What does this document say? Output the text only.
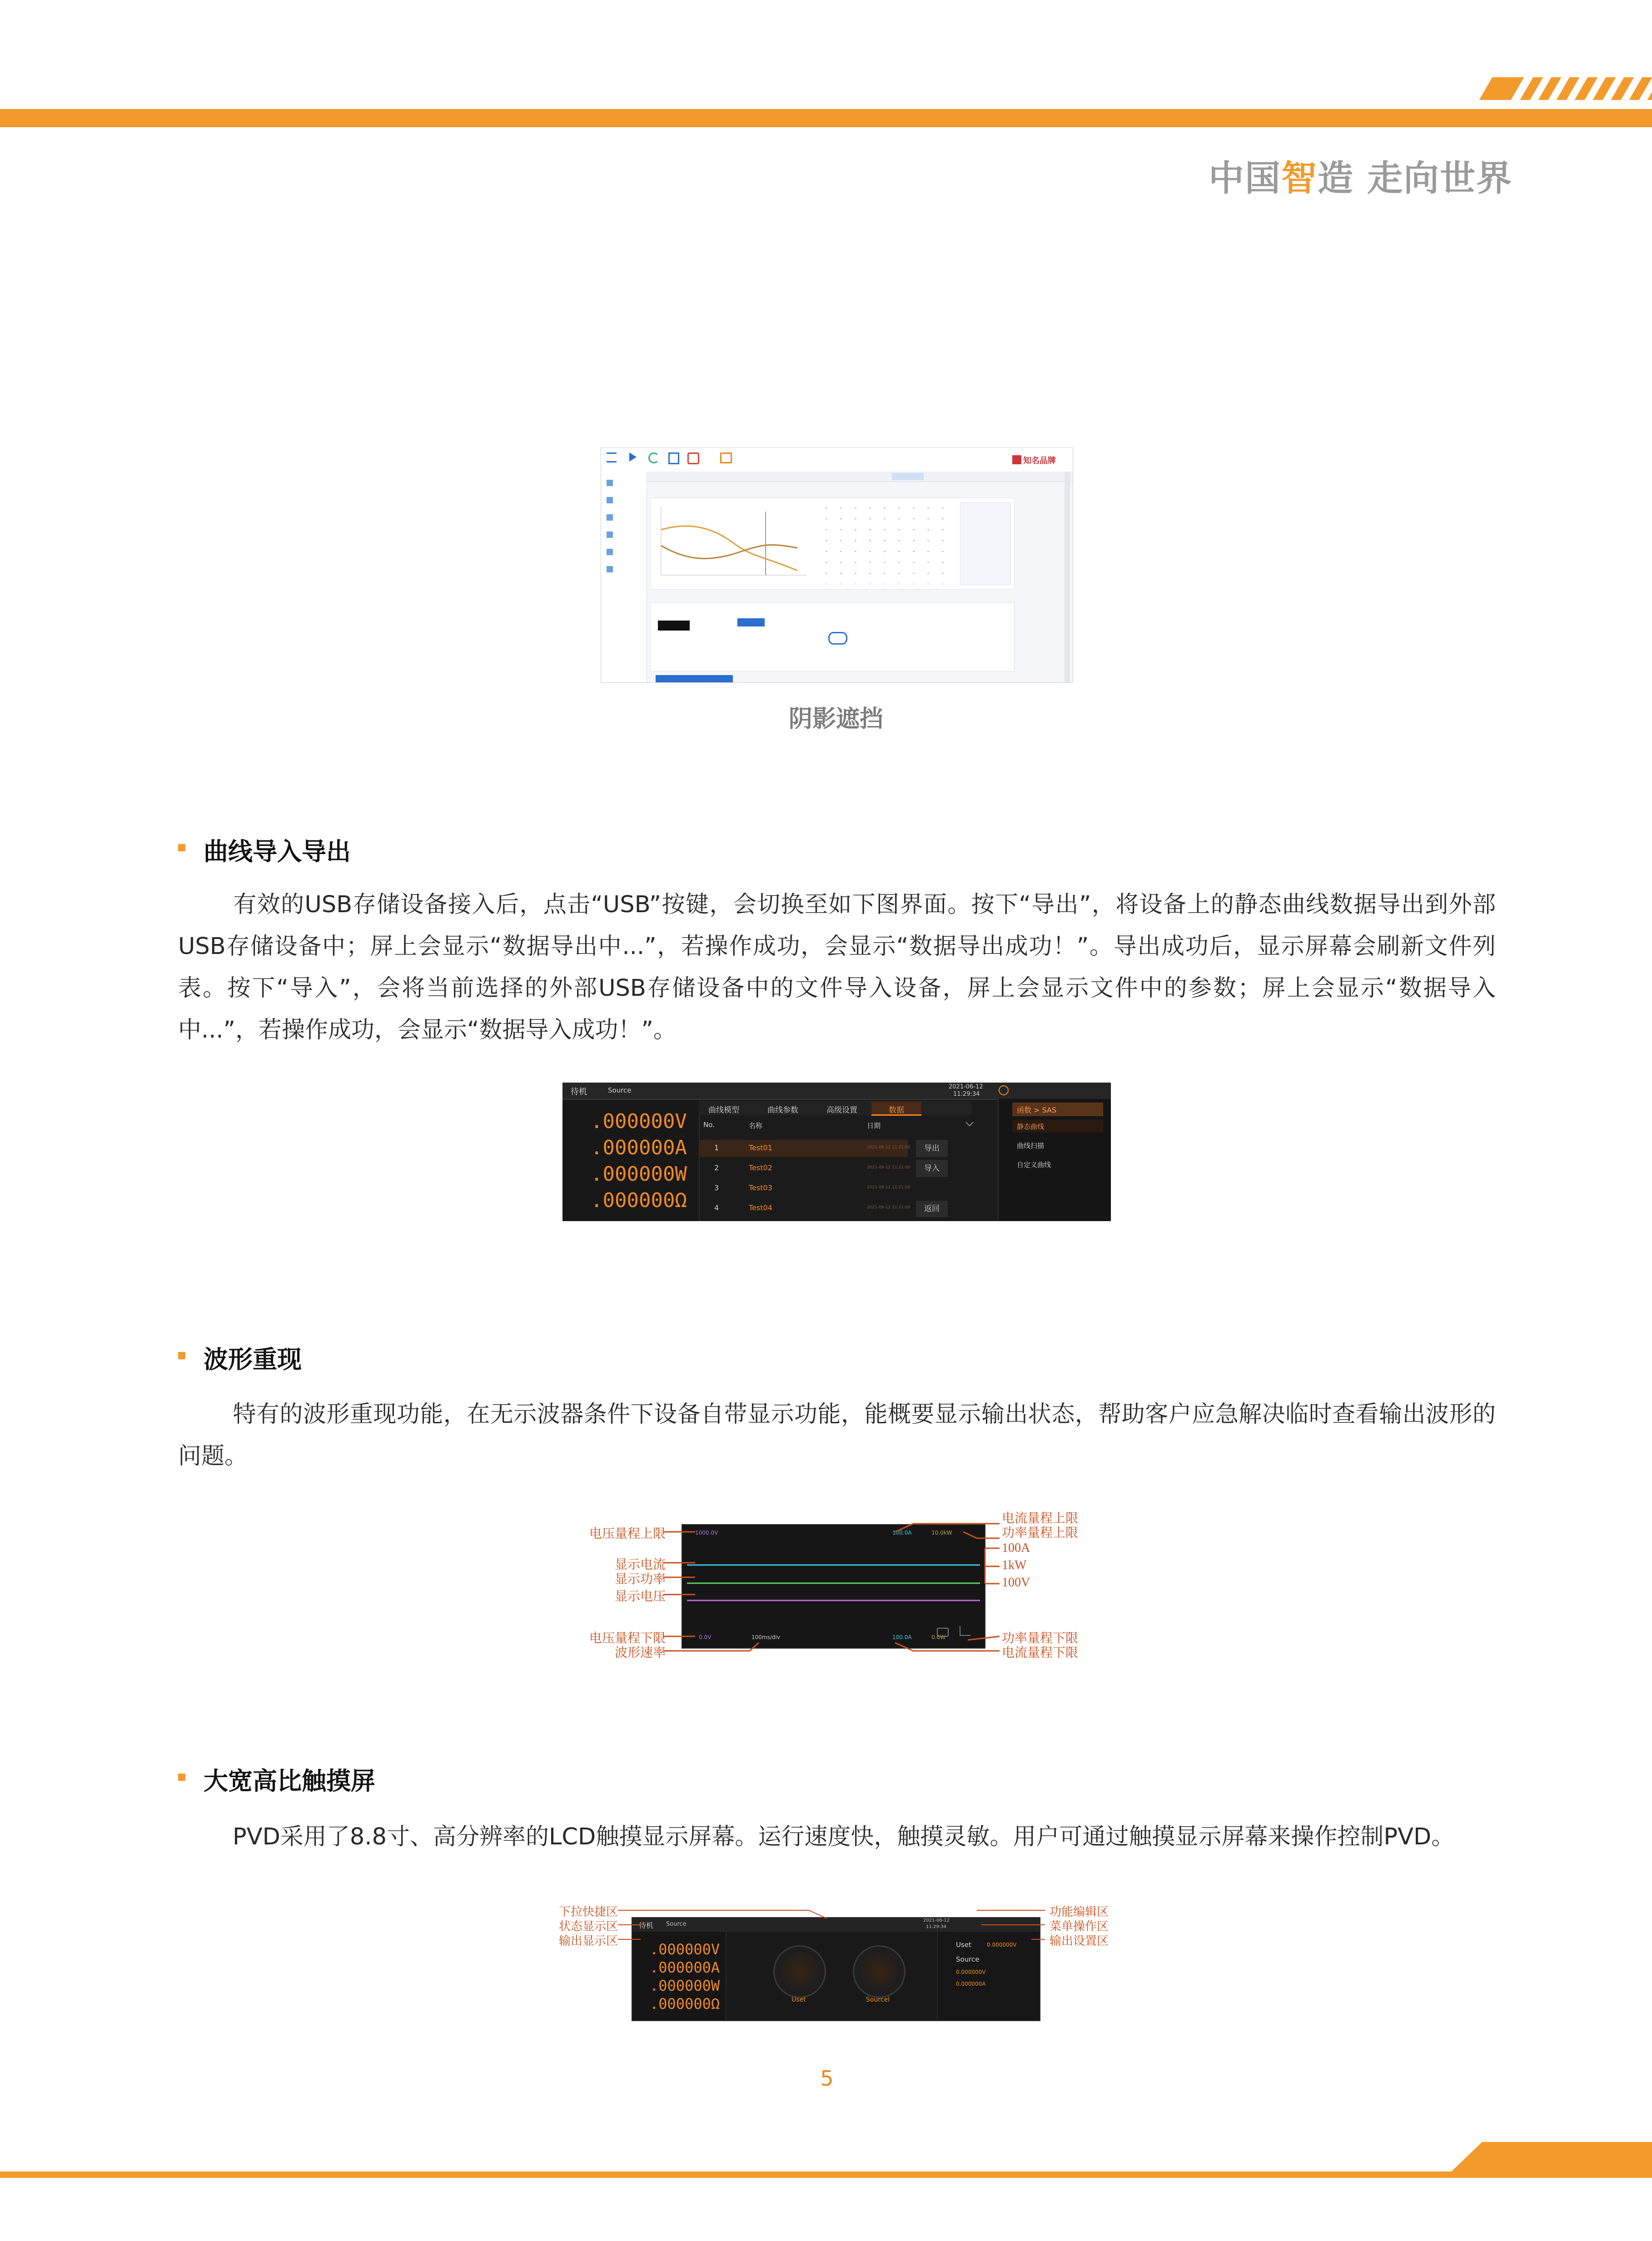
中国智造 走向世界
知名品牌
阴影遮挡
曲线导入导出
有效的USB存储设备接入后，点击“USB”按键，会切换至如下图界面。按下“导出”，将设备上的静态曲线数据导出到外部USB存储设备中；屏上会显示“数据导出中...”，若操作成功，会显示“数据导出成功！”。导出成功后，显示屏幕会刷新文件列表。按下“导入”，会将当前选择的外部USB存储设备中的文件导入设备，屏上会显示文件中的参数；屏上会显示“数据导入中...”，若操作成功，会显示“数据导入成功！”。
待机	Source	2021-06-12
11:29:34
.000000V
.000000A
.000000W
.000000Ω
曲线模型	曲线参数	高级设置	数据
No.	名称	日期
1	Test01	2021-06-12 11:21:00
2	Test02	2021-06-12 11:21:00
3	Test03	2021-06-12 11:21:00
4	Test04	2021-06-12 11:21:00
导出
导入
返回
函数 > SAS
静态曲线
曲线扫描
自定义曲线
波形重现
特有的波形重现功能，在无示波器条件下设备自带显示功能，能概要显示输出状态，帮助客户应急解决临时查看输出波形的问题。
1000.0V	100.0A	10.0kW
0.0V	100ms/div	100.0A	0.0W
电压量程上限
显示电流
显示功率
显示电压
电压量程下限
波形速率
电流量程上限
功率量程上限
100A
1kW
100V
功率量程下限
电流量程下限
大宽高比触摸屏
PVD采用了8.8寸、高分辨率的LCD触摸显示屏幕。运行速度快，触摸灵敏。用户可通过触摸显示屏幕来操作控制PVD。
待机 Source
2021-06-12
11:29:34
.000000V
.000000A
.000000W
.000000Ω	Uset	Sourcel
Uset	0.000000V
Source
0.000000V
0.000000A
下拉快捷区
状态显示区
输出显示区
功能编辑区
菜单操作区
输出设置区
5
